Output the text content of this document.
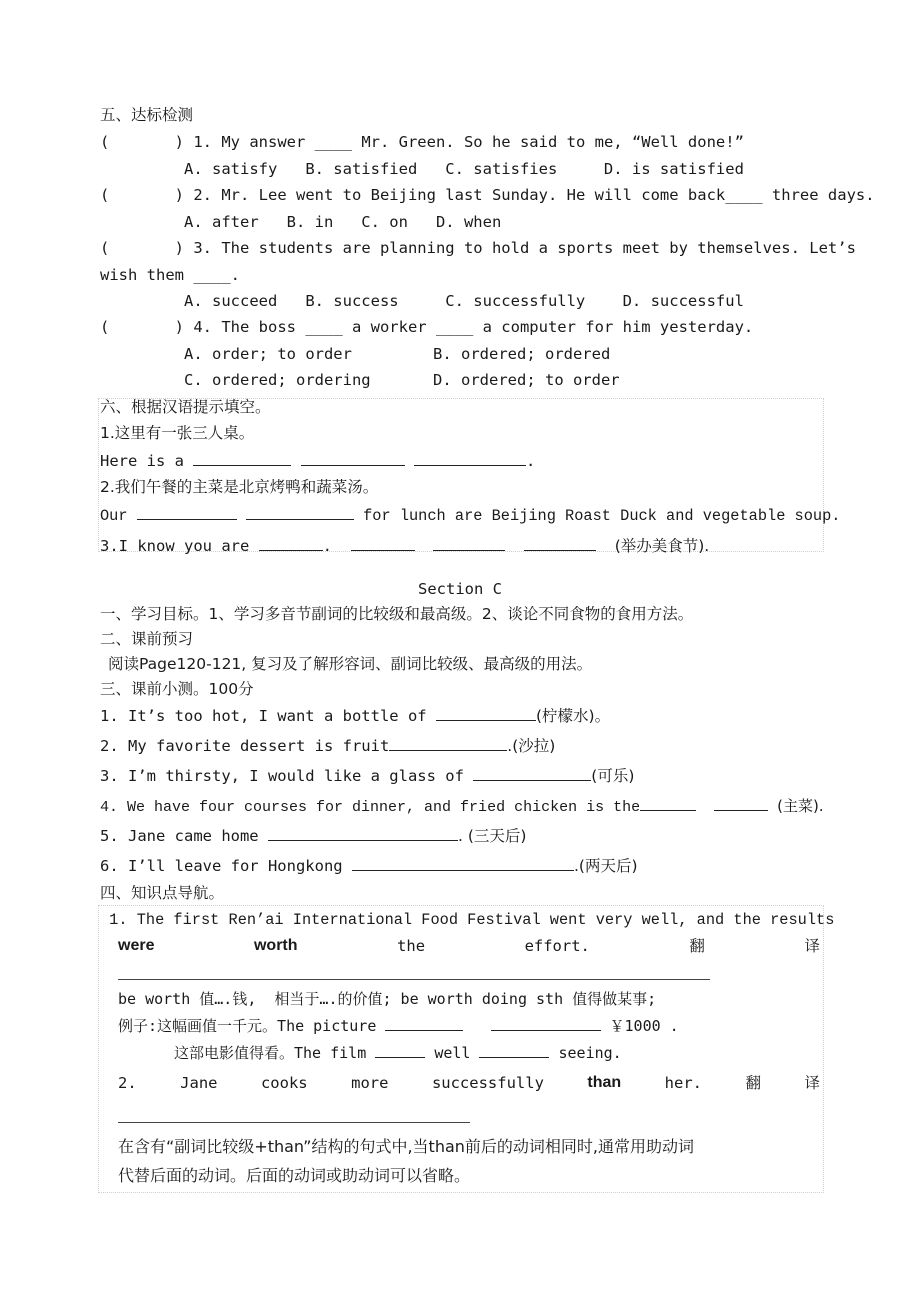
五、达标检测
(       ) 1. My answer ____ Mr. Green. So he said to me, “Well done!”
A. satisfy   B. satisfied   C. satisfies     D. is satisfied
(       ) 2. Mr. Lee went to Beijing last Sunday. He will come back____ three days.
A. after   B. in   C. on   D. when
(       ) 3. The students are planning to hold a sports meet by themselves. Let’s
wish them ____.
A. succeed   B. success     C. successfully    D. successful
(       ) 4. The boss ____ a worker ____ a computer for him yesterday.
A. order; to order	B. ordered; ordered
C. ordered; ordering	D. ordered; to order
六、根据汉语提示填空。
1.这里有一张三人桌。
Here is a	.
2.我们午餐的主菜是北京烤鸭和蔬菜汤。
Our	for lunch are Beijing Roast Duck and vegetable soup.
3.I know you are	.	(举办美食节).
Section C
一、学习目标。1、学习多音节副词的比较级和最高级。2、谈论不同食物的食用方法。
二、课前预习
阅读Page120-121, 复习及了解形容词、副词比较级、最高级的用法。
三、课前小测。100分
1. It’s too hot, I want a bottle of	(柠檬水)。
2. My favorite dessert is fruit	.(沙拉)
3. I’m thirsty, I would like a glass of	(可乐)
4. We have four courses for dinner, and fried chicken is the	(主菜).
5. Jane came home	. (三天后)
6. I’ll leave for Hongkong	.(两天后)
四、知识点导航。
1. The first Ren’ai International Food Festival went very well, and the results
were	worth	the	effort.	翻	译
be worth 值….钱,  相当于….的价值; be worth doing sth 值得做某事;
例子:这幅画值一千元。The picture	￥1000 .
这部电影值得看。The film	well	seeing.
2.	Jane	cooks	more	successfully	than	her.	翻	译
在含有“副词比较级+than”结构的句式中,当than前后的动词相同时,通常用助动词
代替后面的动词。后面的动词或助动词可以省略。
